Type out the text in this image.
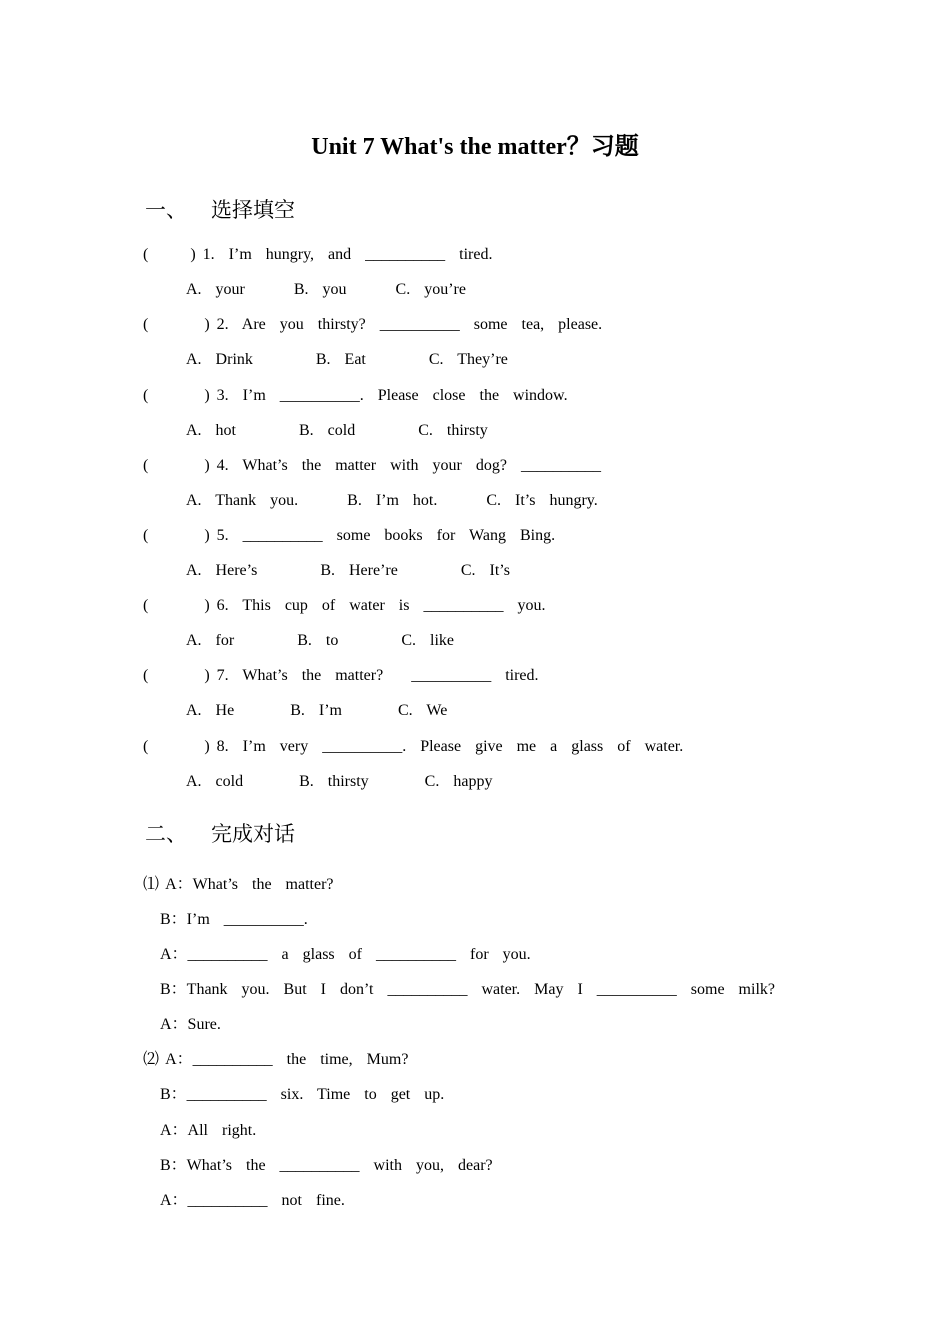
Unit 7 What's the matter？习题
一、 选择填空
(      ) 1.  I’m  hungry,  and  __________  tired.
A.  your       B.  you       C.  you’re
(        ) 2.  Are  you  thirsty?  __________  some  tea,  please.
A.  Drink         B.  Eat         C.  They’re
(        ) 3.  I’m  __________.  Please  close  the  window.
A.  hot         B.  cold         C.  thirsty
(        ) 4.  What’s  the  matter  with  your  dog?  __________
A.  Thank  you.       B.  I’m  hot.       C.  It’s  hungry.
(        ) 5.  __________  some  books  for  Wang  Bing.
A.  Here’s         B.  Here’re         C.  It’s
(        ) 6.  This  cup  of  water  is  __________  you.
A.  for         B.  to         C.  like
(        ) 7.  What’s  the  matter?    __________  tired.
A.  He        B.  I’m        C.  We
(        ) 8.  I’m  very  __________.  Please  give  me  a  glass  of  water.
A.  cold        B.  thirsty        C.  happy
二、 完成对话
⑴ A：What’s  the  matter?
B：I’m  __________.
A：__________  a  glass  of  __________  for  you.
B：Thank  you.  But  I  don’t  __________  water.  May  I  __________  some  milk?
A：Sure.
⑵ A：__________  the  time,  Mum?
B：__________  six.  Time  to  get  up.
A：All  right.
B：What’s  the  __________  with  you,  dear?
A：__________  not  fine.
